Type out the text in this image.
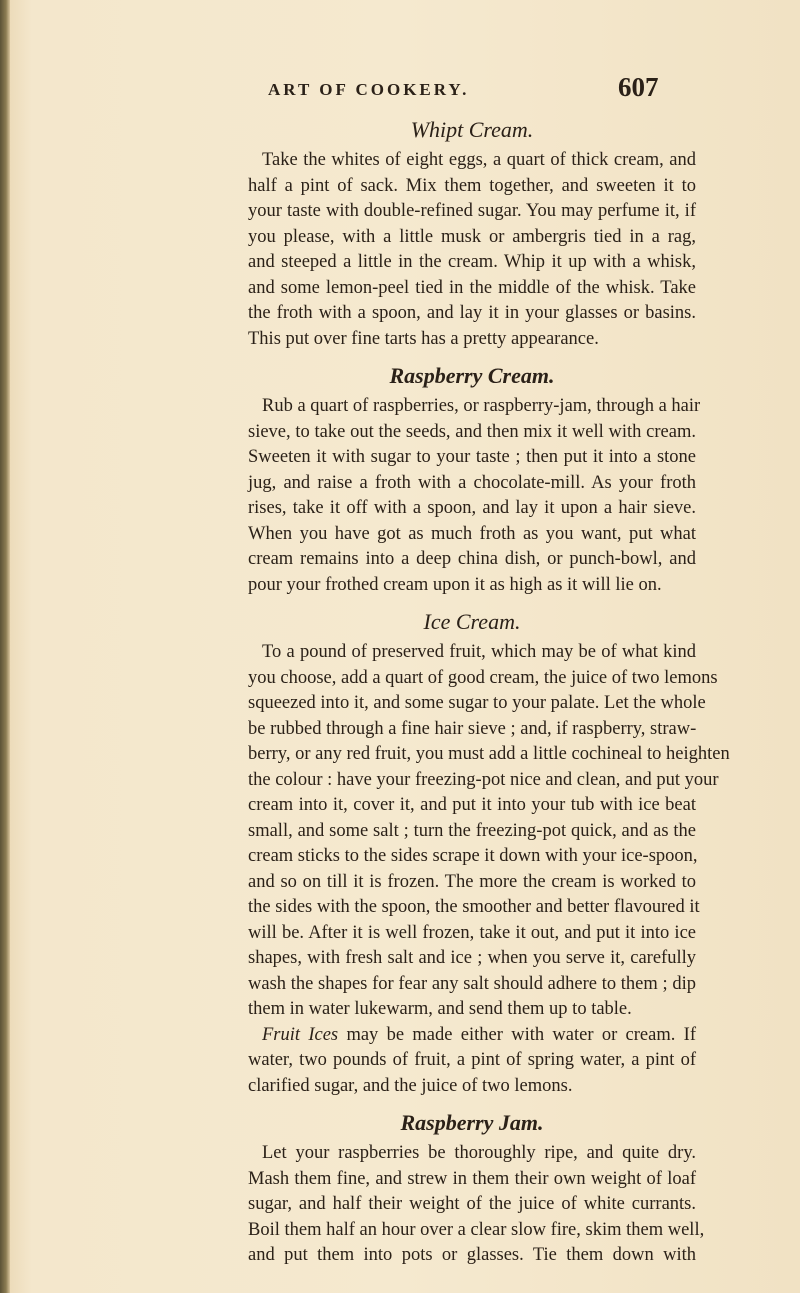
ART OF COOKERY.	607
Whipt Cream.
Take the whites of eight eggs, a quart of thick cream, and
half a pint of sack. Mix them together, and sweeten it to
your taste with double-refined sugar. You may perfume it, if
you please, with a little musk or ambergris tied in a rag,
and steeped a little in the cream. Whip it up with a whisk,
and some lemon-peel tied in the middle of the whisk. Take
the froth with a spoon, and lay it in your glasses or basins.
This put over fine tarts has a pretty appearance.
Raspberry Cream.
Rub a quart of raspberries, or raspberry-jam, through a hair
sieve, to take out the seeds, and then mix it well with cream.
Sweeten it with sugar to your taste ; then put it into a stone
jug, and raise a froth with a chocolate-mill. As your froth
rises, take it off with a spoon, and lay it upon a hair sieve.
When you have got as much froth as you want, put what
cream remains into a deep china dish, or punch-bowl, and
pour your frothed cream upon it as high as it will lie on.
Ice Cream.
To a pound of preserved fruit, which may be of what kind
you choose, add a quart of good cream, the juice of two lemons
squeezed into it, and some sugar to your palate. Let the whole
be rubbed through a fine hair sieve ; and, if raspberry, straw-
berry, or any red fruit, you must add a little cochineal to heighten
the colour : have your freezing-pot nice and clean, and put your
cream into it, cover it, and put it into your tub with ice beat
small, and some salt ; turn the freezing-pot quick, and as the
cream sticks to the sides scrape it down with your ice-spoon,
and so on till it is frozen. The more the cream is worked to
the sides with the spoon, the smoother and better flavoured it
will be. After it is well frozen, take it out, and put it into ice
shapes, with fresh salt and ice ; when you serve it, carefully
wash the shapes for fear any salt should adhere to them ; dip
them in water lukewarm, and send them up to table.
Fruit Ices may be made either with water or cream. If
water, two pounds of fruit, a pint of spring water, a pint of
clarified sugar, and the juice of two lemons.
Raspberry Jam.
Let your raspberries be thoroughly ripe, and quite dry.
Mash them fine, and strew in them their own weight of loaf
sugar, and half their weight of the juice of white currants.
Boil them half an hour over a clear slow fire, skim them well,
and put them into pots or glasses. Tie them down with
